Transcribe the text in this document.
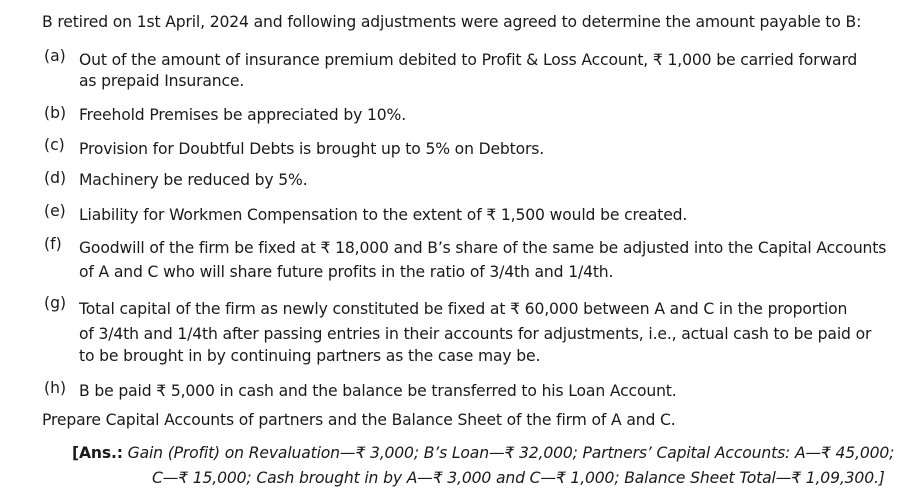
B retired on 1st April, 2024 and following adjustments were agreed to determine the amount payable to B:
(a) Out of the amount of insurance premium debited to Profit & Loss Account, ₹ 1,000 be carried forward
as prepaid Insurance.
(b) Freehold Premises be appreciated by 10%.
(c) Provision for Doubtful Debts is brought up to 5% on Debtors.
(d) Machinery be reduced by 5%.
(e) Liability for Workmen Compensation to the extent of ₹ 1,500 would be created.
(f) Goodwill of the firm be fixed at ₹ 18,000 and B’s share of the same be adjusted into the Capital Accounts
of A and C who will share future profits in the ratio of 3/4th and 1/4th.
(g) Total capital of the firm as newly constituted be fixed at ₹ 60,000 between A and C in the proportion
of 3/4th and 1/4th after passing entries in their accounts for adjustments, i.e., actual cash to be paid or
to be brought in by continuing partners as the case may be.
(h) B be paid ₹ 5,000 in cash and the balance be transferred to his Loan Account.
Prepare Capital Accounts of partners and the Balance Sheet of the firm of A and C.
[Ans.: Gain (Profit) on Revaluation—₹ 3,000; B’s Loan—₹ 32,000; Partners’ Capital Accounts: A—₹ 45,000;
C—₹ 15,000; Cash brought in by A—₹ 3,000 and C—₹ 1,000; Balance Sheet Total—₹ 1,09,300.]
